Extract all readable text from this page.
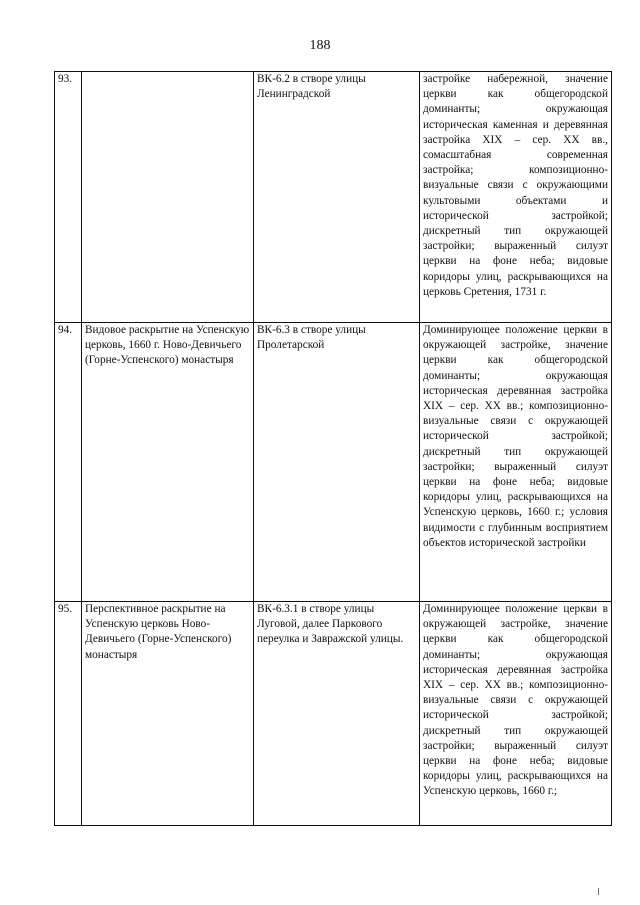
188
93.		ВК-6.2 в створе улицы Ленинградской	застройке набережной, значение церкви как общегородской доминанты; окружающая историческая каменная и деревянная застройка XIX – сер. XX вв., сомасштабная современная застройка; композиционно-визуальные связи с окружающими культовыми объектами и исторической застройкой; дискретный тип окружающей застройки; выраженный силуэт церкви на фоне неба; видовые коридоры улиц, раскрывающихся на церковь Сретения, 1731 г.
94.	Видовое раскрытие на Успенскую церковь, 1660 г. Ново-Девичьего (Горне-Успенского) монастыря	ВК-6.3 в створе улицы Пролетарской	Доминирующее положение церкви в окружающей застройке, значение церкви как общегородской доминанты; окружающая историческая деревянная застройка XIX – сер. XX вв.; композиционно-визуальные связи с окружающей исторической застройкой; дискретный тип окружающей застройки; выраженный силуэт церкви на фоне неба; видовые коридоры улиц, раскрывающихся на Успенскую церковь, 1660 г.; условия видимости с глубинным восприятием объектов исторической застройки
95.	Перспективное раскрытие на Успенскую церковь Ново-Девичьего (Горне-Успенского) монастыря	ВК-6.3.1 в створе улицы Луговой, далее Паркового переулка и Завражской улицы.	Доминирующее положение церкви в окружающей застройке, значение церкви как общегородской доминанты; окружающая историческая деревянная застройка XIX – сер. XX вв.; композиционно-визуальные связи с окружающей исторической застройкой; дискретный тип окружающей застройки; выраженный силуэт церкви на фоне неба; видовые коридоры улиц, раскрывающихся на Успенскую церковь, 1660 г.;
